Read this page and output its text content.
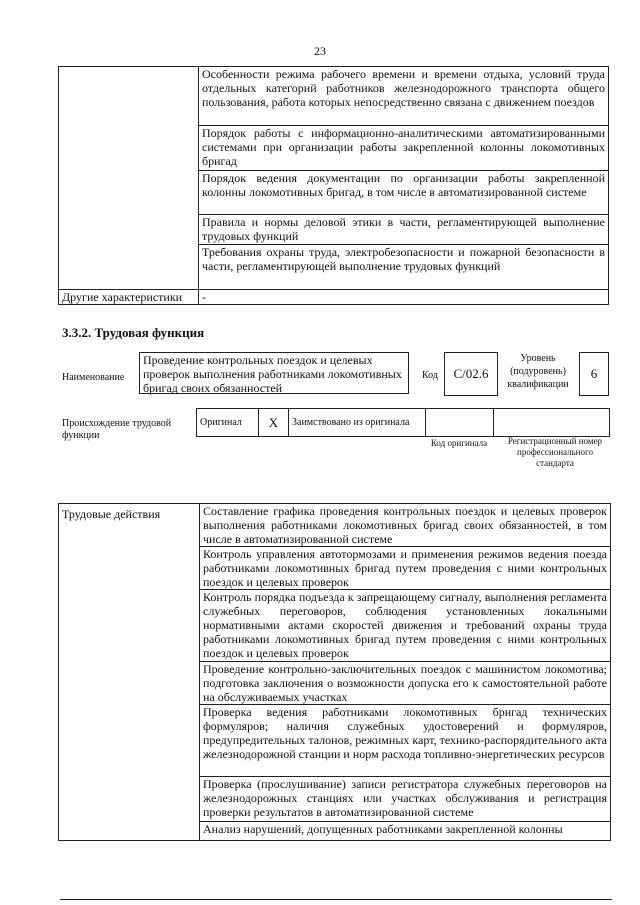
23
	Особенности режима рабочего времени и времени отдыха, условий труда отдельных категорий работников железнодорожного транспорта общего пользования, работа которых непосредственно связана с движением поездов
	Порядок работы с информационно-аналитическими автоматизированными системами при организации работы закрепленной колонны локомотивных бригад
	Порядок ведения документации по организации работы закрепленной колонны локомотивных бригад, в том числе в автоматизированной системе
	Правила и нормы деловой этики в части, регламентирующей выполнение трудовых функций
	Требования охраны труда, электробезопасности и пожарной безопасности в части, регламентирующей выполнение трудовых функций
Другие характеристики	-
3.3.2. Трудовая функция
Наименование
Проведение контрольных поездок и целевых проверок выполнения работниками локомотивных бригад своих обязанностей
Код	C/02.6
Уровень (подуровень) квалификации
6
Происхождение трудовой функции
Оригинал	X	Заимствовано из оригинала		
Код оригинала	Регистрационный номер профессионального стандарта
Трудовые действия	Составление графика проведения контрольных поездок и целевых проверок выполнения работниками локомотивных бригад своих обязанностей, в том числе в автоматизированной системе
Контроль управления автотормозами и применения режимов ведения поезда работниками локомотивных бригад путем проведения с ними контрольных поездок и целевых проверок
Контроль порядка подъезда к запрещающему сигналу, выполнения регламента служебных переговоров, соблюдения установленных локальными нормативными актами скоростей движения и требований охраны труда работниками локомотивных бригад путем проведения с ними контрольных поездок и целевых проверок
Проведение контрольно-заключительных поездок с машинистом локомотива; подготовка заключения о возможности допуска его к самостоятельной работе на обслуживаемых участках
Проверка ведения работниками локомотивных бригад технических формуляров; наличия служебных удостоверений и формуляров, предупредительных талонов, режимных карт, технико-распорядительного акта железнодорожной станции и норм расхода топливно-энергетических ресурсов
Проверка (прослушивание) записи регистратора служебных переговоров на железнодорожных станциях или участках обслуживания и регистрация проверки результатов в автоматизированной системе
Анализ нарушений, допущенных работниками закрепленной колонны
